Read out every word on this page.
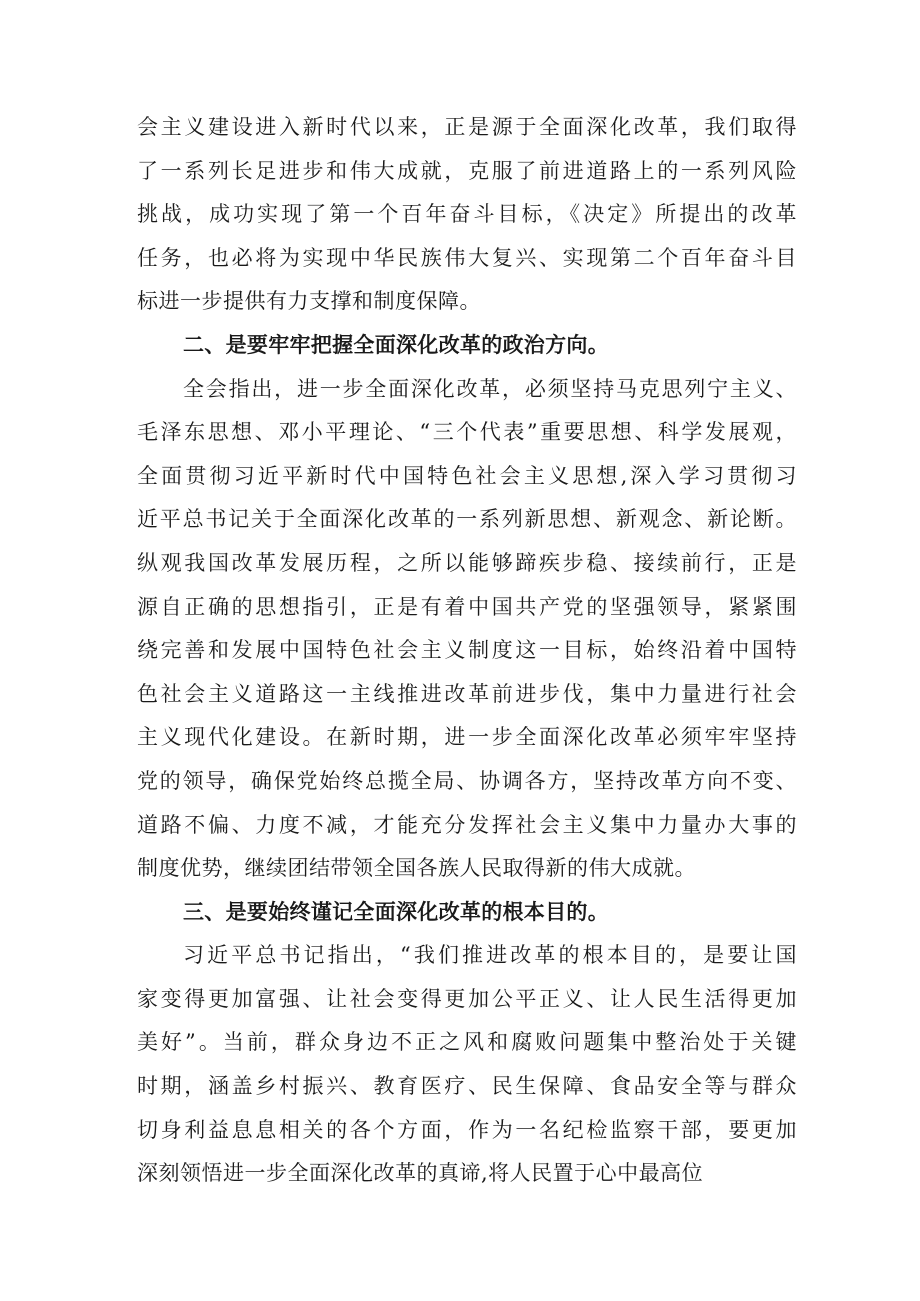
会主义建设进入新时代以来，正是源于全面深化改革，我们取得
了一系列长足进步和伟大成就，克服了前进道路上的一系列风险
挑战，成功实现了第一个百年奋斗目标，《决定》所提出的改革
任务，也必将为实现中华民族伟大复兴、实现第二个百年奋斗目
标进一步提供有力支撑和制度保障。
二、是要牢牢把握全面深化改革的政治方向。
全会指出，进一步全面深化改革，必须坚持马克思列宁主义、
毛泽东思想、邓小平理论、“三个代表”重要思想、科学发展观，
全面贯彻习近平新时代中国特色社会主义思想,深入学习贯彻习
近平总书记关于全面深化改革的一系列新思想、新观念、新论断。
纵观我国改革发展历程，之所以能够蹄疾步稳、接续前行，正是
源自正确的思想指引，正是有着中国共产党的坚强领导，紧紧围
绕完善和发展中国特色社会主义制度这一目标，始终沿着中国特
色社会主义道路这一主线推进改革前进步伐，集中力量进行社会
主义现代化建设。在新时期，进一步全面深化改革必须牢牢坚持
党的领导，确保党始终总揽全局、协调各方，坚持改革方向不变、
道路不偏、力度不减，才能充分发挥社会主义集中力量办大事的
制度优势，继续团结带领全国各族人民取得新的伟大成就。
三、是要始终谨记全面深化改革的根本目的。
习近平总书记指出，“我们推进改革的根本目的，是要让国
家变得更加富强、让社会变得更加公平正义、让人民生活得更加
美好”。当前，群众身边不正之风和腐败问题集中整治处于关键
时期，涵盖乡村振兴、教育医疗、民生保障、食品安全等与群众
切身利益息息相关的各个方面，作为一名纪检监察干部，要更加
深刻领悟进一步全面深化改革的真谛,将人民置于心中最高位
